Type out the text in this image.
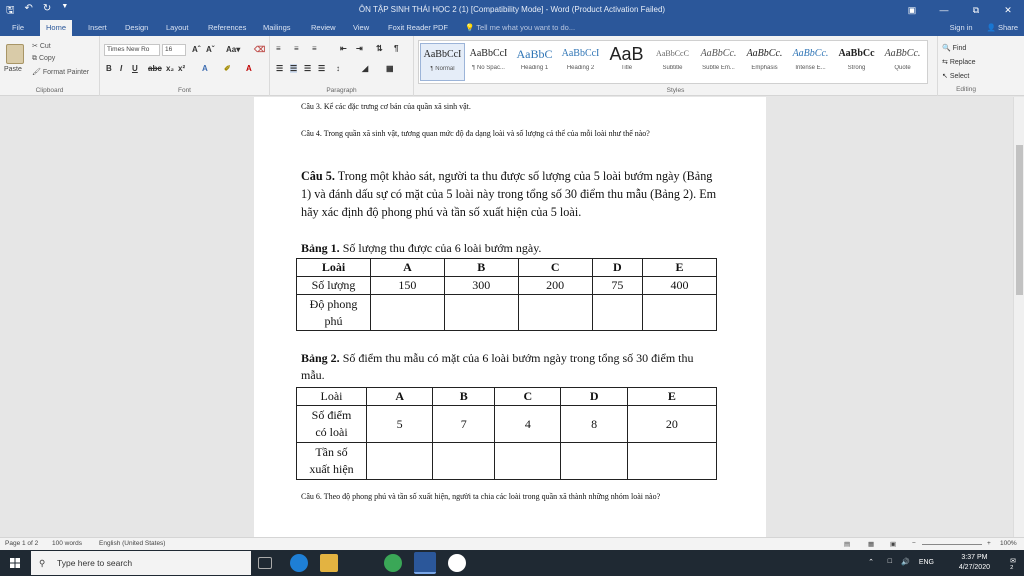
🖫 ↶ ↻ ▼	ÔN TẬP SINH THÁI HỌC 2 (1) [Compatibility Mode] - Word (Product Activation Failed)	▣	—	⧉	✕
File	Home	Insert	Design	Layout	References	Mailings	Review	View	Foxit Reader PDF	💡 Tell me what you want to do...	Sign in 👤 Share
Paste
✂ Cut
⧉ Copy
🖌 Format Painter
Clipboard
Times New Ro	16	Aˆ Aˇ Aa▾ ⌫
B I U abc x₂ x² A ✐ A
Font
≡ ≡ ≡	⇤ ⇥ ⇅ ¶
☰ ☰ ☰ ☰ ↕	◢ ▦
Paragraph
AaBbCcI
¶ Normal
AaBbCcI
¶ No Spac...
AaBbC
Heading 1
AaBbCcI
Heading 2
AaB
Title
AaBbCcC
Subtitle
AaBbCc.
Subtle Em...
AaBbCc.
Emphasis
AaBbCc.
Intense E...
AaBbCc
Strong
AaBbCc.
Quote
Styles
🔍 Find
⇆ Replace
↖ Select
Editing
Câu 3. Kể các đặc trưng cơ bản của quần xã sinh vật.
Câu 4. Trong quần xã sinh vật, tương quan mức độ đa dạng loài và số lượng cá thể của mỗi loài như thế nào?
Câu 5. Trong một khảo sát, người ta thu được số lượng của 5 loài bướm ngày (Bảng 1) và đánh dấu sự có mặt của 5 loài này trong tổng số 30 điểm thu mẫu (Bảng 2). Em hãy xác định độ phong phú và tần số xuất hiện của 5 loài.
Bảng 1. Số lượng thu được của 6 loài bướm ngày.
Loài	A	B	C	D	E
Số lượng	150	300	200	75	400
Độ phong phú					
Bảng 2. Số điểm thu mẫu có mặt của 6 loài bướm ngày trong tổng số 30 điểm thu mẫu.
Loài	A	B	C	D	E
Số điểm có loài	5	7	4	8	20
Tần số xuất hiện					
Câu 6. Theo độ phong phú và tần số xuất hiện, người ta chia các loài trong quần xã thành những nhóm loài nào?
Page 1 of 2 100 words	English (United States)	▤	▦ ▣ −	+ 100%
⚲ Type here to search	⌃ □ 🔊 ENG
3:37 PM
4/27/2020
✉$^2$
